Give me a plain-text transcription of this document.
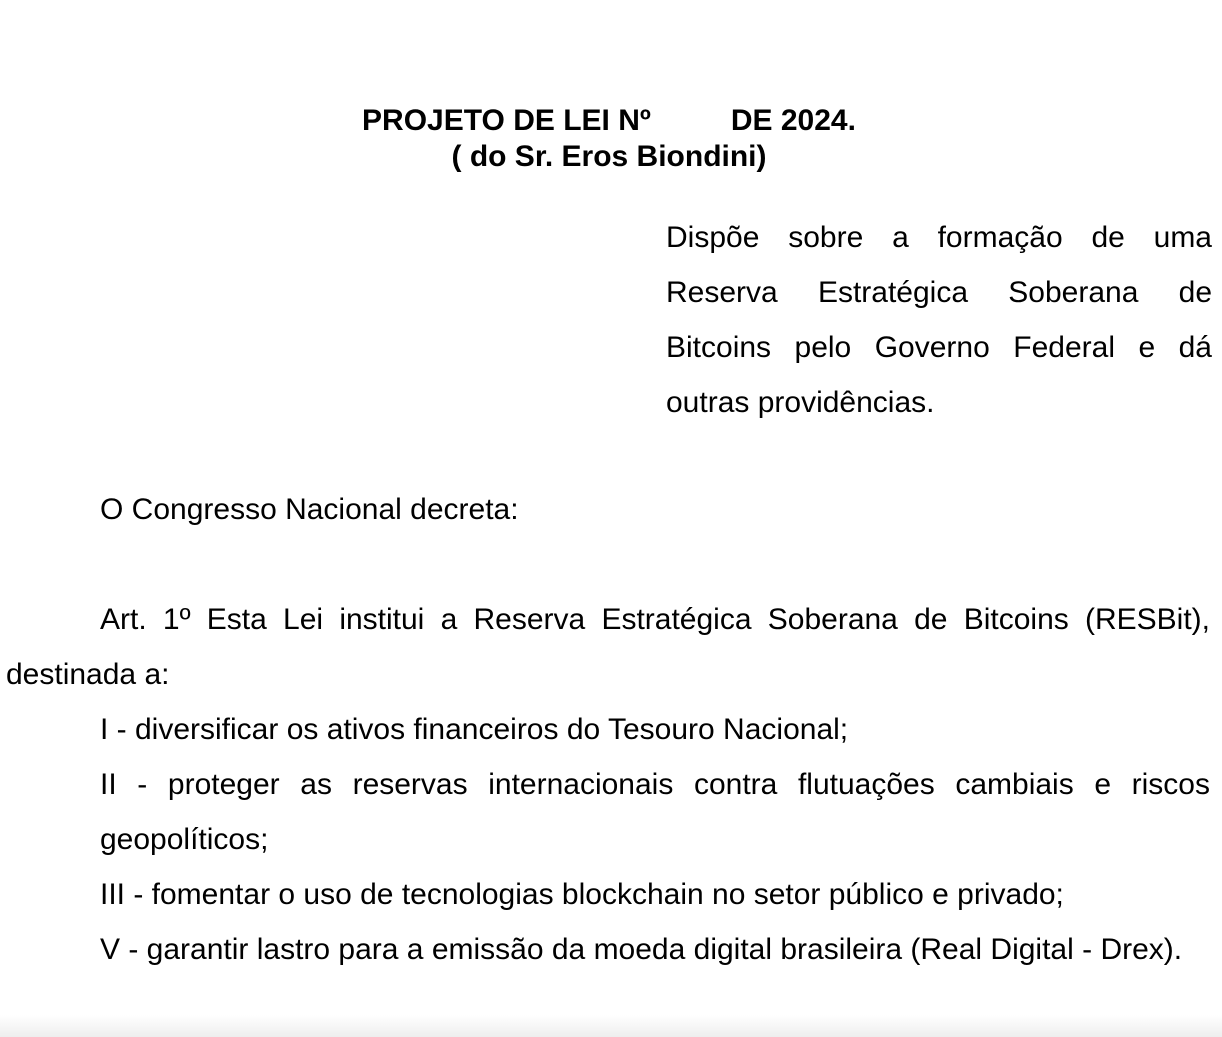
PROJETO DE LEI Nº	DE 2024.
( do Sr. Eros Biondini)
Dispõe sobre a formação de uma Reserva Estratégica Soberana de Bitcoins pelo Governo Federal e dá outras providências.

O Congresso Nacional decreta:

Art. 1º Esta Lei institui a Reserva Estratégica Soberana de Bitcoins (RESBit), destinada a:

I - diversificar os ativos financeiros do Tesouro Nacional;

II - proteger as reservas internacionais contra flutuações cambiais e riscos geopolíticos;

III - fomentar o uso de tecnologias blockchain no setor público e privado;

V - garantir lastro para a emissão da moeda digital brasileira (Real Digital - Drex).
